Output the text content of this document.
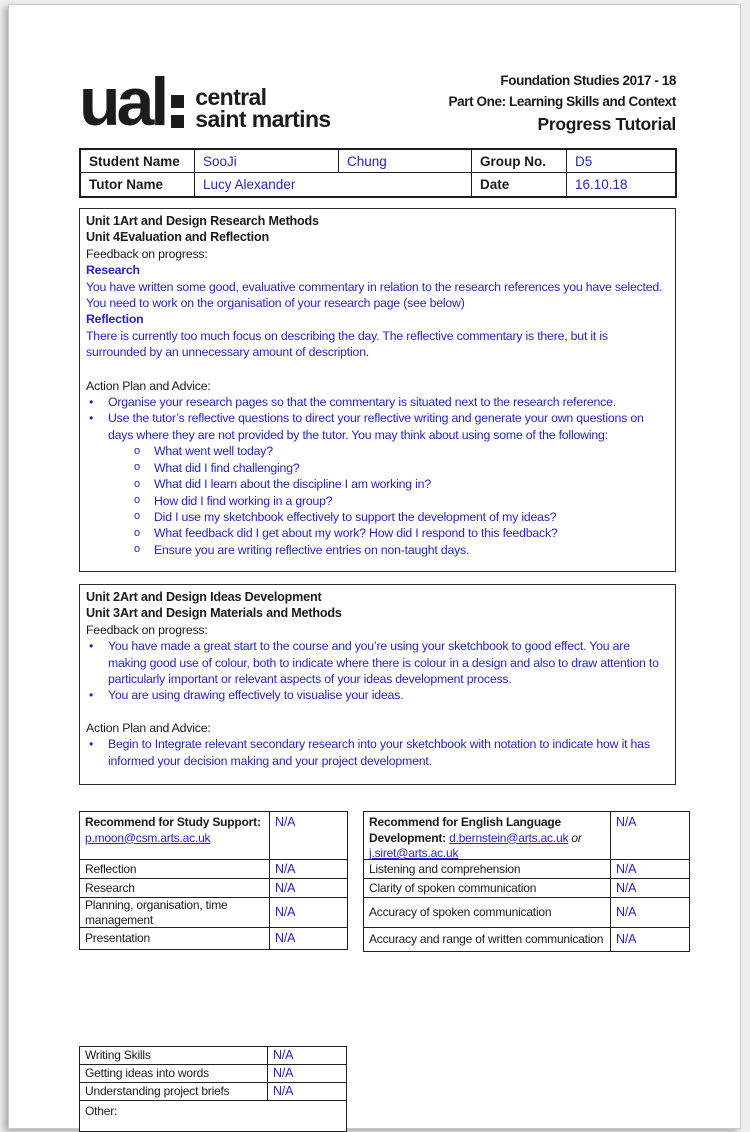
ual central
saint martins
Foundation Studies 2017 - 18
Part One: Learning Skills and Context
Progress Tutorial
Student Name	SooJi	Chung	Group No.	D5
Tutor Name	Lucy Alexander	Date	16.10.18
Unit 1Art and Design Research Methods
Unit 4Evaluation and Reflection
Feedback on progress:
Research
You have written some good, evaluative commentary in relation to the research references you have selected. You need to work on the organisation of your research page (see below)
Reflection
There is currently too much focus on describing the day. The reflective commentary is there, but it is surrounded by an unnecessary amount of description.
Action Plan and Advice:
• Organise your research pages so that the commentary is situated next to the research reference.
• Use the tutor’s reflective questions to direct your reflective writing and generate your own questions on days where they are not provided by the tutor. You may think about using some of the following:
o What went well today?
o What did I find challenging?
o What did I learn about the discipline I am working in?
o How did I find working in a group?
o Did I use my sketchbook effectively to support the development of my ideas?
o What feedback did I get about my work? How did I respond to this feedback?
o Ensure you are writing reflective entries on non-taught days.
Unit 2Art and Design Ideas Development
Unit 3Art and Design Materials and Methods
Feedback on progress:
• You have made a great start to the course and you’re using your sketchbook to good effect. You are making good use of colour, both to indicate where there is colour in a design and also to draw attention to particularly important or relevant aspects of your ideas development process.
• You are using drawing effectively to visualise your ideas.
Action Plan and Advice:
• Begin to Integrate relevant secondary research into your sketchbook with notation to indicate how it has informed your decision making and your project development.
Recommend for Study Support:
p.moon@csm.arts.ac.uk
N/A
Reflection	N/A
Research	N/A
Planning, organisation, time management
N/A
Presentation	N/A
Recommend for English Language Development: d.bernstein@arts.ac.uk or j.siret@arts.ac.uk
N/A
Listening and comprehension	N/A
Clarity of spoken communication	N/A
Accuracy of spoken communication	N/A
Accuracy and range of written communication	N/A
Writing Skills	N/A
Getting ideas into words	N/A
Understanding project briefs	N/A
Other:
